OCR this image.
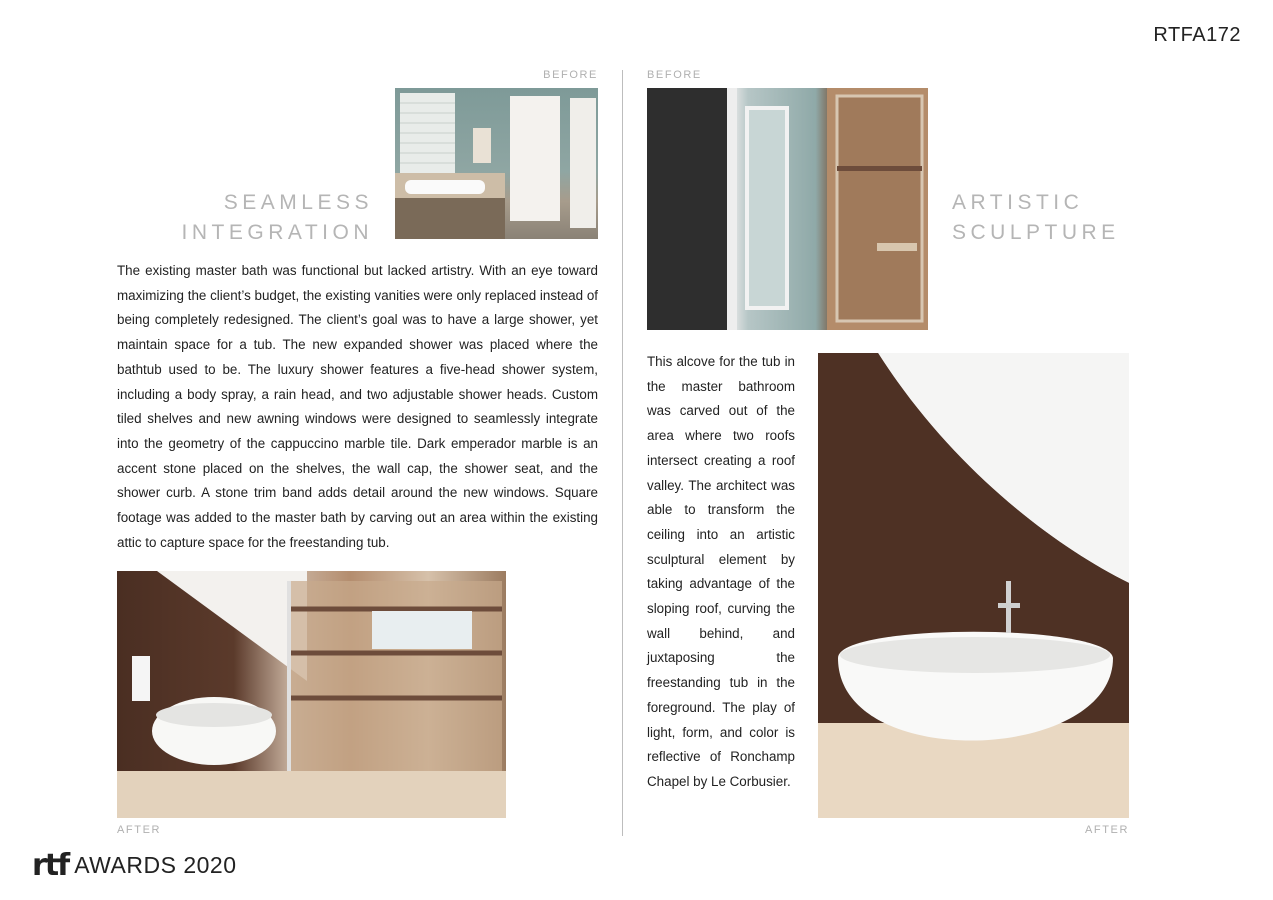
RTFA172
BEFORE
SEAMLESS
INTEGRATION
The existing master bath was functional but lacked artistry. With an eye toward maximizing the client’s budget, the existing vanities were only replaced instead of being completely redesigned. The client’s goal was to have a large shower, yet maintain space for a tub. The new expanded shower was placed where the bathtub used to be. The luxury shower features a five-head shower system, including a body spray, a rain head, and two adjustable shower heads. Custom tiled shelves and new awning windows were designed to seamlessly integrate into the geometry of the cappuccino marble tile. Dark emperador marble is an accent stone placed on the shelves, the wall cap, the shower seat, and the shower curb. A stone trim band adds detail around the new windows. Square footage was added to the master bath by carving out an area within the existing attic to capture space for the freestanding tub.
AFTER
BEFORE
ARTISTIC
SCULPTURE
This alcove for the tub in the master bathroom was carved out of the area where two roofs intersect creating a roof valley. The architect was able to transform the ceiling into an artistic sculptural element by taking advantage of the sloping roof, curving the wall behind, and juxtaposing the freestanding tub in the foreground. The play of light, form, and color is reflective of Ronchamp Chapel by Le Corbusier.
AFTER
rtf AWARDS 2020
